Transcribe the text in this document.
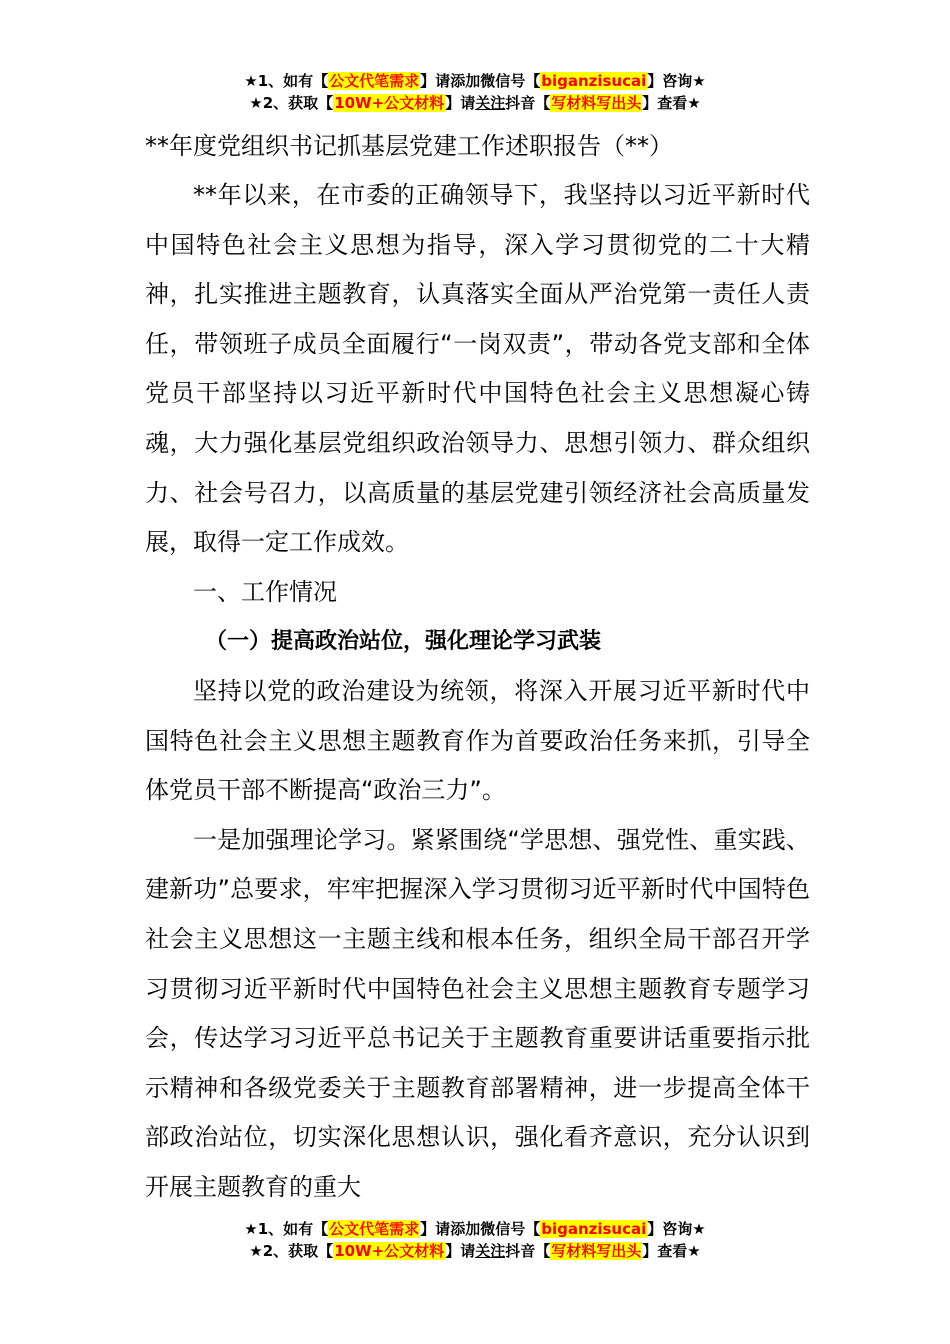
★1、如有【公文代笔需求】请添加微信号【biganzisucai】咨询★
★2、获取【10W+公文材料】请关注抖音【写材料写出头】查看★
**年度党组织书记抓基层党建工作述职报告（**）

**年以来，在市委的正确领导下，我坚持以习近平新时代中国特色社会主义思想为指导，深入学习贯彻党的二十大精神，扎实推进主题教育，认真落实全面从严治党第一责任人责任，带领班子成员全面履行“一岗双责”，带动各党支部和全体党员干部坚持以习近平新时代中国特色社会主义思想凝心铸魂，大力强化基层党组织政治领导力、思想引领力、群众组织力、社会号召力，以高质量的基层党建引领经济社会高质量发展，取得一定工作成效。

一、工作情况

（一）提高政治站位，强化理论学习武装

坚持以党的政治建设为统领，将深入开展习近平新时代中国特色社会主义思想主题教育作为首要政治任务来抓，引导全体党员干部不断提高“政治三力”。

一是加强理论学习。紧紧围绕“学思想、强党性、重实践、建新功”总要求，牢牢把握深入学习贯彻习近平新时代中国特色社会主义思想这一主题主线和根本任务，组织全局干部召开学习贯彻习近平新时代中国特色社会主义思想主题教育专题学习会，传达学习习近平总书记关于主题教育重要讲话重要指示批示精神和各级党委关于主题教育部署精神，进一步提高全体干部政治站位，切实深化思想认识，强化看齐意识，充分认识到开展主题教育的重大

★1、如有【公文代笔需求】请添加微信号【biganzisucai】咨询★
★2、获取【10W+公文材料】请关注抖音【写材料写出头】查看★
